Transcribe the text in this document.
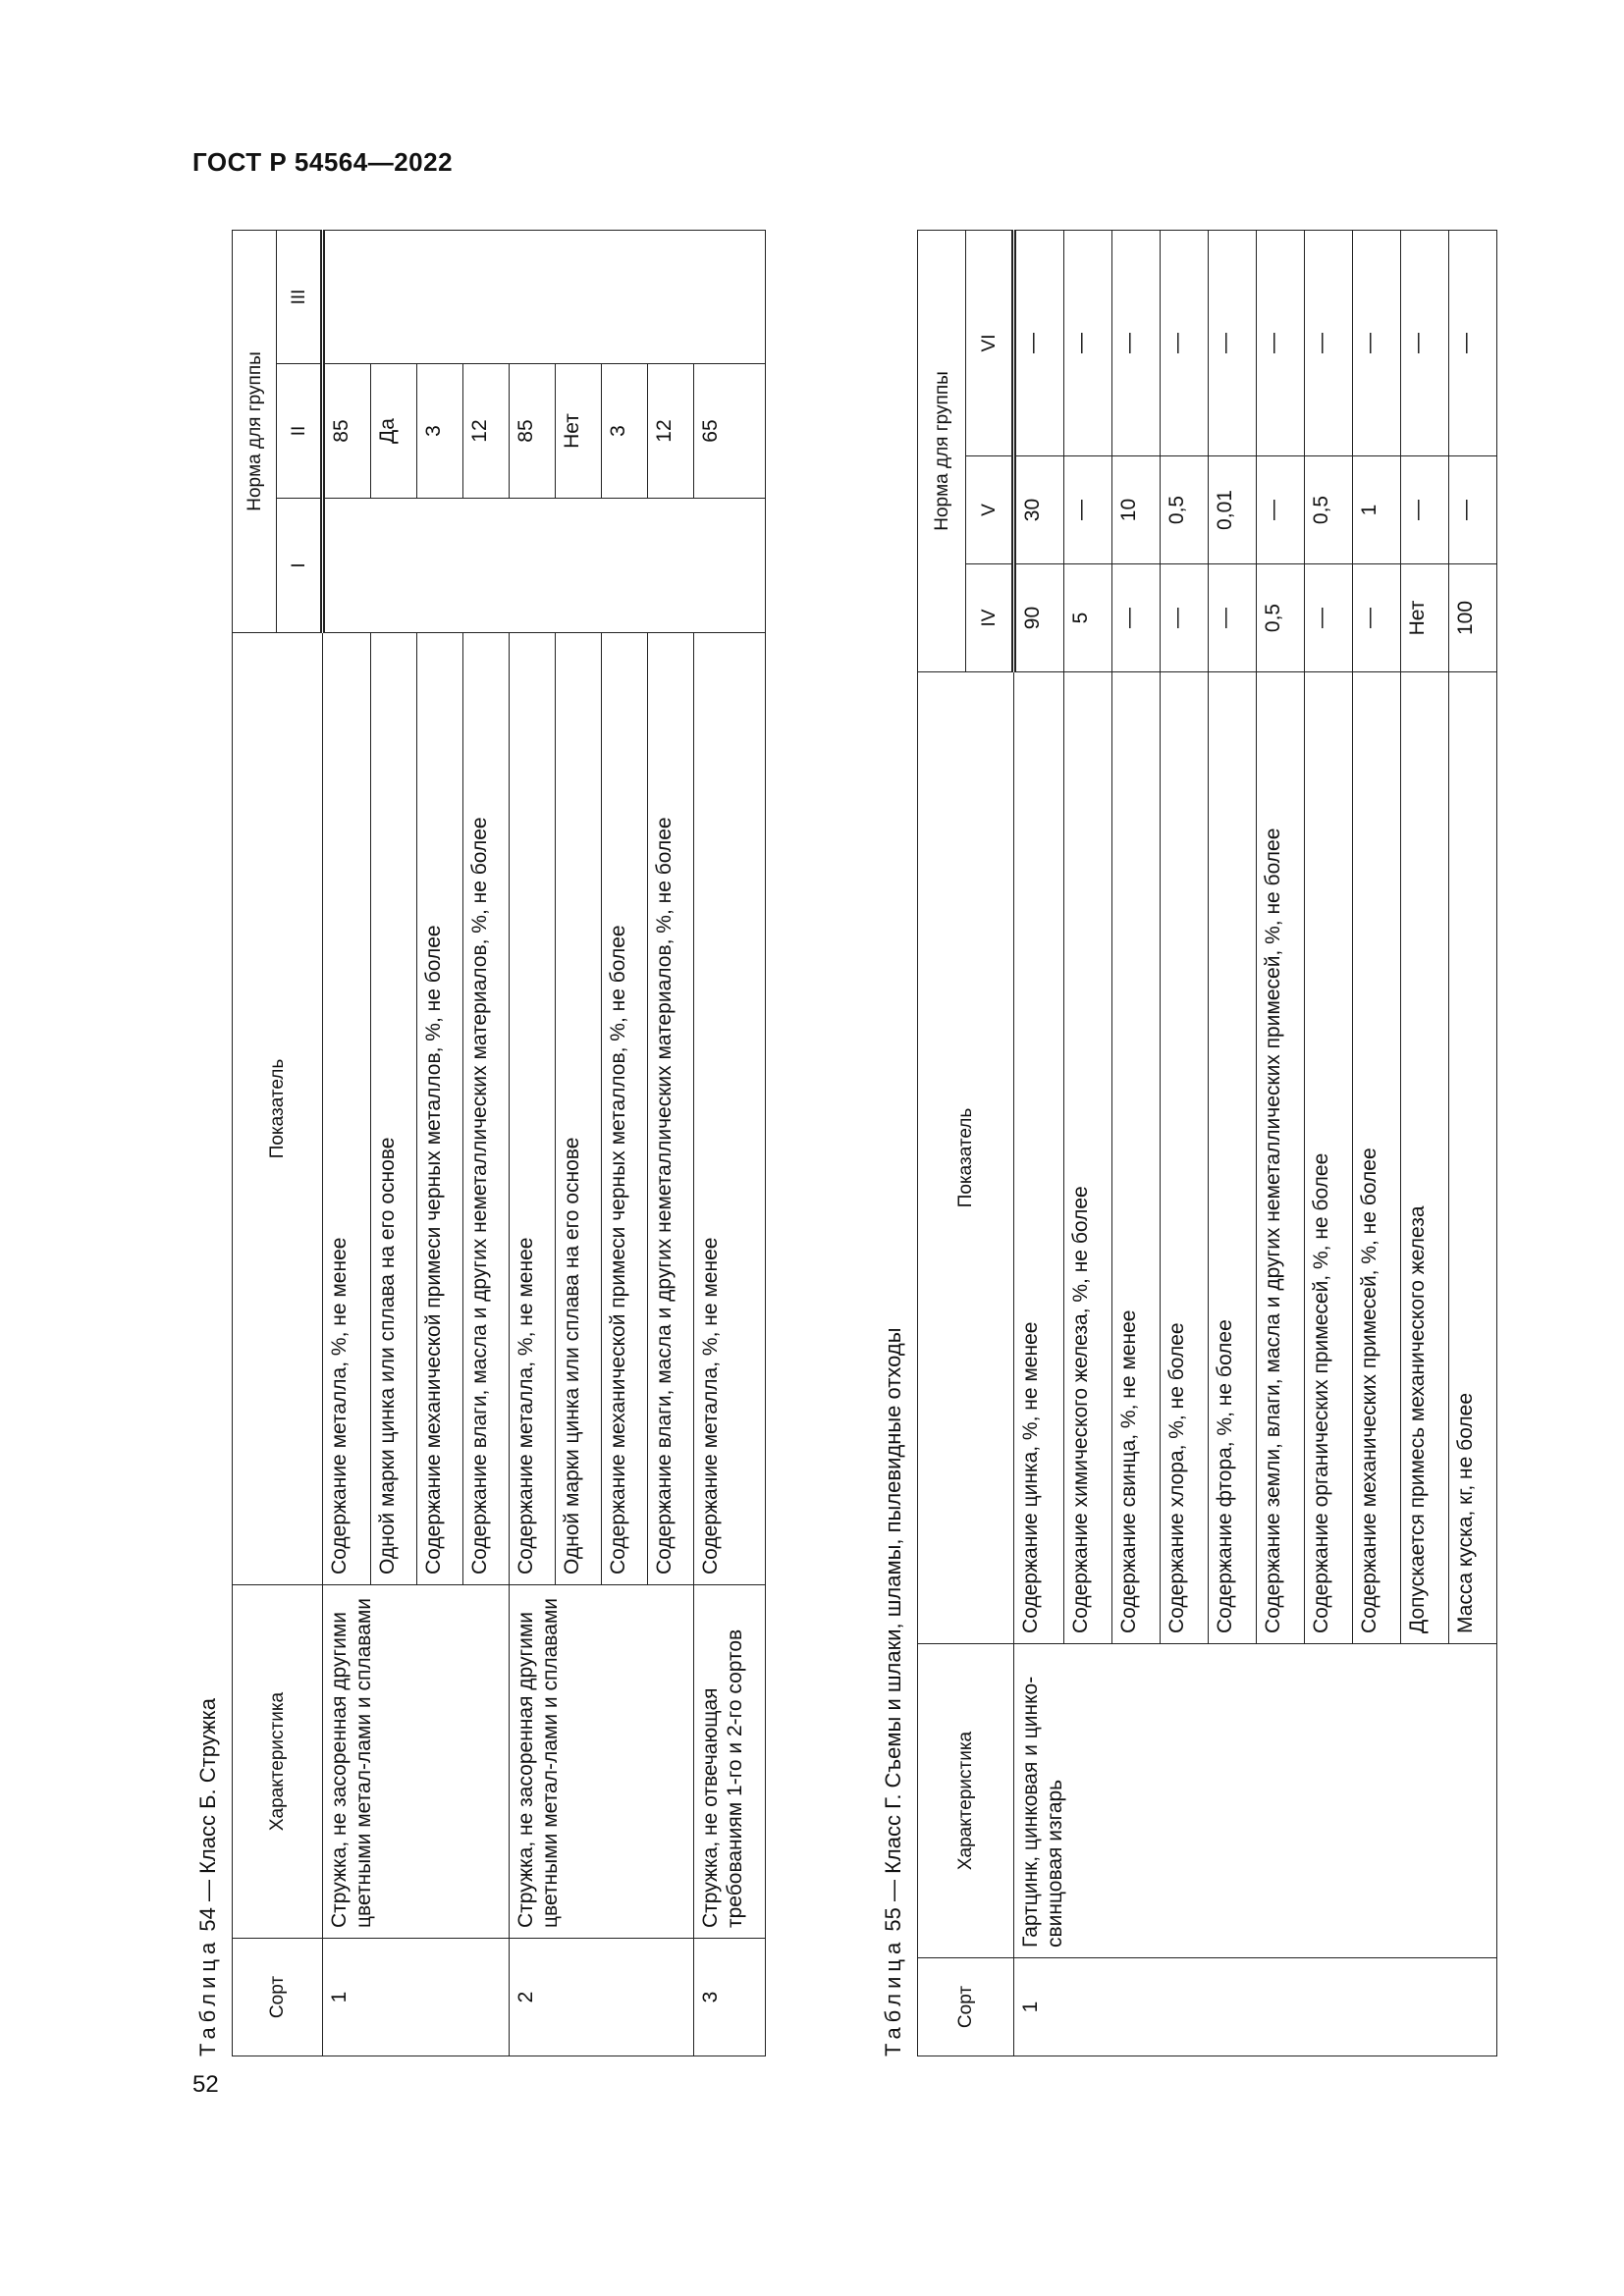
ГОСТ Р 54564—2022
Таблица 54 — Класс Б. Стружка
Сорт	Характеристика	Показатель	Норма для группы		
			I	II	III
1	Стружка, не засоренная другими цветными метал-лами и сплавами	Содержание металла, %, не менее		85	
		Одной марки цинка или сплава на его основе		Да	
		Содержание механической примеси черных металлов, %, не более		3	
		Содержание влаги, масла и других неметаллических материалов, %, не более		12	
2	Стружка, не засоренная другими цветными метал-лами и сплавами	Содержание металла, %, не менее		85	
		Одной марки цинка или сплава на его основе		Нет	
		Содержание механической примеси черных металлов, %, не более		3	
		Содержание влаги, масла и других неметаллических материалов, %, не более		12	
3	Стружка, не отвечающая требованиям 1-го и 2-го сортов	Содержание металла, %, не менее		65	
Таблица 55 — Класс Г. Съемы и шлаки, шламы, пылевидные отходы
Сорт	Характеристика	Показатель	Норма для группы		
			IV	V	VI
1	Гартцинк, цинковая и цинко-свинцовая изгарь	Содержание цинка, %, не менее	90	30	—
		Содержание химического железа, %, не более	5	—	—
		Содержание свинца, %, не менее	—	10	—
		Содержание хлора, %, не более	—	0,5	—
		Содержание фтора, %, не более	—	0,01	—
		Содержание земли, влаги, масла и других неметаллических примесей, %, не более	0,5	—	—
		Содержание органических примесей, %, не более	—	0,5	—
		Содержание механических примесей, %, не более	—	1	—
		Допускается примесь механического железа	Нет	—	—
		Масса куска, кг, не более	100	—	—
52
